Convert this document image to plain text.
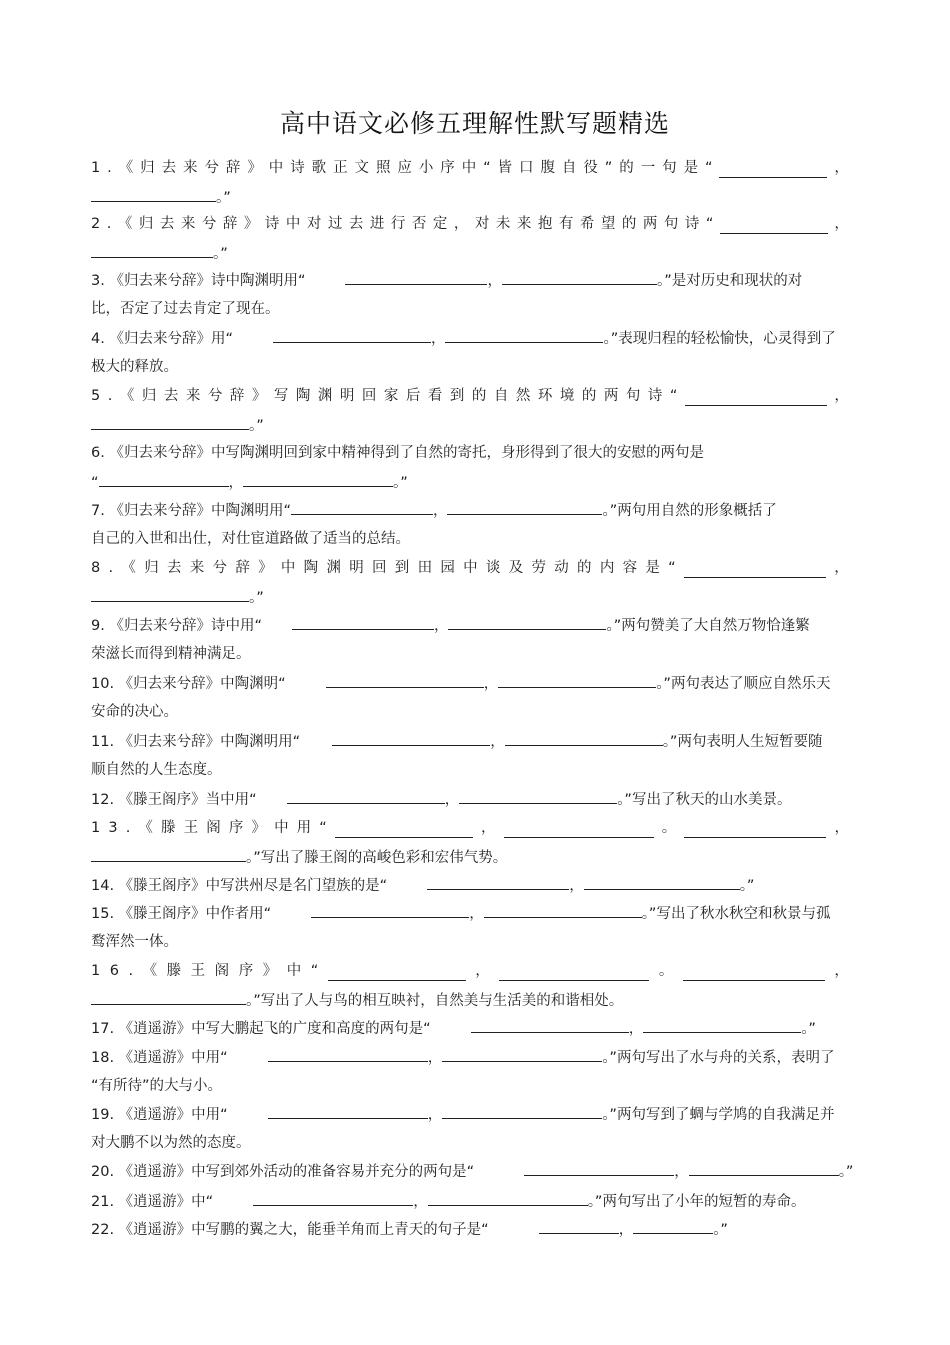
高中语文必修五理解性默写题精选
1 . 《 归 去 来 兮 辞 》 中 诗 歌 正 文 照 应 小 序 中 “ 皆 口 腹 自 役 ” 的 一 句 是 “	，
。”
2 . 《 归 去 来 兮 辞 》 诗 中 对 过 去 进 行 否 定 ， 对 未 来 抱 有 希 望 的 两 句 诗 “	，
。”
3. 《归去来兮辞》诗中陶渊明用“	，	。”是对历史和现状的对
比，否定了过去肯定了现在。
4. 《归去来兮辞》用“	，	。”表现归程的轻松愉快，心灵得到了
极大的释放。
5 . 《 归 去 来 兮 辞 》 写 陶 渊 明 回 家 后 看 到 的 自 然 环 境 的 两 句 诗 “	，
。”
6. 《归去来兮辞》中写陶渊明回到家中精神得到了自然的寄托，身形得到了很大的安慰的两句是
“	，	。”
7. 《归去来兮辞》中陶渊明用“	，	。”两句用自然的形象概括了
自己的入世和出仕，对仕宦道路做了适当的总结。
8 . 《 归 去 来 兮 辞 》 中 陶 渊 明 回 到 田 园 中 谈 及 劳 动 的 内 容 是 “	，
。”
9. 《归去来兮辞》诗中用“	，	。”两句赞美了大自然万物恰逢繁
荣滋长而得到精神满足。
10. 《归去来兮辞》中陶渊明“	，	。”两句表达了顺应自然乐天
安命的决心。
11. 《归去来兮辞》中陶渊明用“	，	。”两句表明人生短暂要随
顺自然的人生态度。
12. 《滕王阁序》当中用“	，	。”写出了秋天的山水美景。
1 3 . 《 滕 王 阁 序 》 中 用 “	，	。	，
。”写出了滕王阁的高峻色彩和宏伟气势。
14. 《滕王阁序》中写洪州尽是名门望族的是“	，	。”
15. 《滕王阁序》中作者用“	，	。”写出了秋水秋空和秋景与孤
鹜浑然一体。
1 6 . 《 滕 王 阁 序 》 中 “	，	。	，
。”写出了人与鸟的相互映衬，自然美与生活美的和谐相处。
17. 《逍遥游》中写大鹏起飞的广度和高度的两句是“	，	。”
18. 《逍遥游》中用“	，	。”两句写出了水与舟的关系，表明了
“有所待”的大与小。
19. 《逍遥游》中用“	，	。”两句写到了蜩与学鸠的自我满足并
对大鹏不以为然的态度。
20. 《逍遥游》中写到郊外活动的准备容易并充分的两句是“	，	。”
21. 《逍遥游》中“	，	。”两句写出了小年的短暂的寿命。
22. 《逍遥游》中写鹏的翼之大，能垂羊角而上青天的句子是“	，	。”
